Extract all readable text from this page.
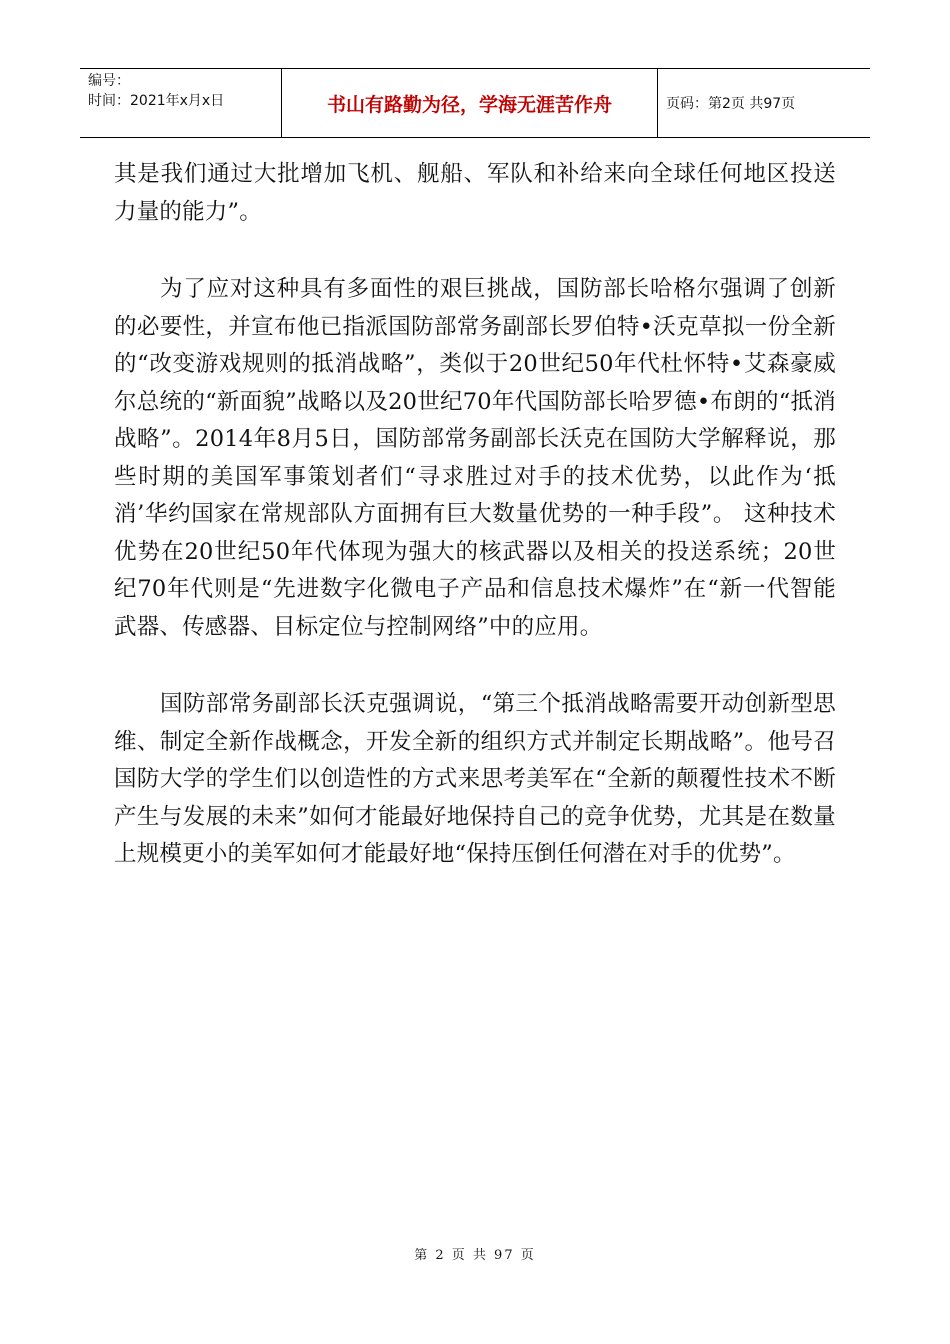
编号：
时间：2021年x月x日	书山有路勤为径，学海无涯苦作舟	页码：第2页 共97页

其是我们通过大批增加飞机、舰船、军队和补给来向全球任何地区投送力量的能力”。

为了应对这种具有多面性的艰巨挑战，国防部长哈格尔强调了创新的必要性，并宣布他已指派国防部常务副部长罗伯特•沃克草拟一份全新的“改变游戏规则的抵消战略”，类似于20世纪50年代杜怀特•艾森豪威尔总统的“新面貌”战略以及20世纪70年代国防部长哈罗德•布朗的“抵消战略”。2014年8月5日，国防部常务副部长沃克在国防大学解释说，那些时期的美国军事策划者们“寻求胜过对手的技术优势，以此作为‘抵消’华约国家在常规部队方面拥有巨大数量优势的一种手段”。 这种技术优势在20世纪50年代体现为强大的核武器以及相关的投送系统；20世纪70年代则是“先进数字化微电子产品和信息技术爆炸”在“新一代智能武器、传感器、目标定位与控制网络”中的应用。

国防部常务副部长沃克强调说，“第三个抵消战略需要开动创新型思维、制定全新作战概念，开发全新的组织方式并制定长期战略”。他号召国防大学的学生们以创造性的方式来思考美军在“全新的颠覆性技术不断产生与发展的未来”如何才能最好地保持自己的竞争优势，尤其是在数量上规模更小的美军如何才能最好地“保持压倒任何潜在对手的优势”。

第 2 页 共 97 页
